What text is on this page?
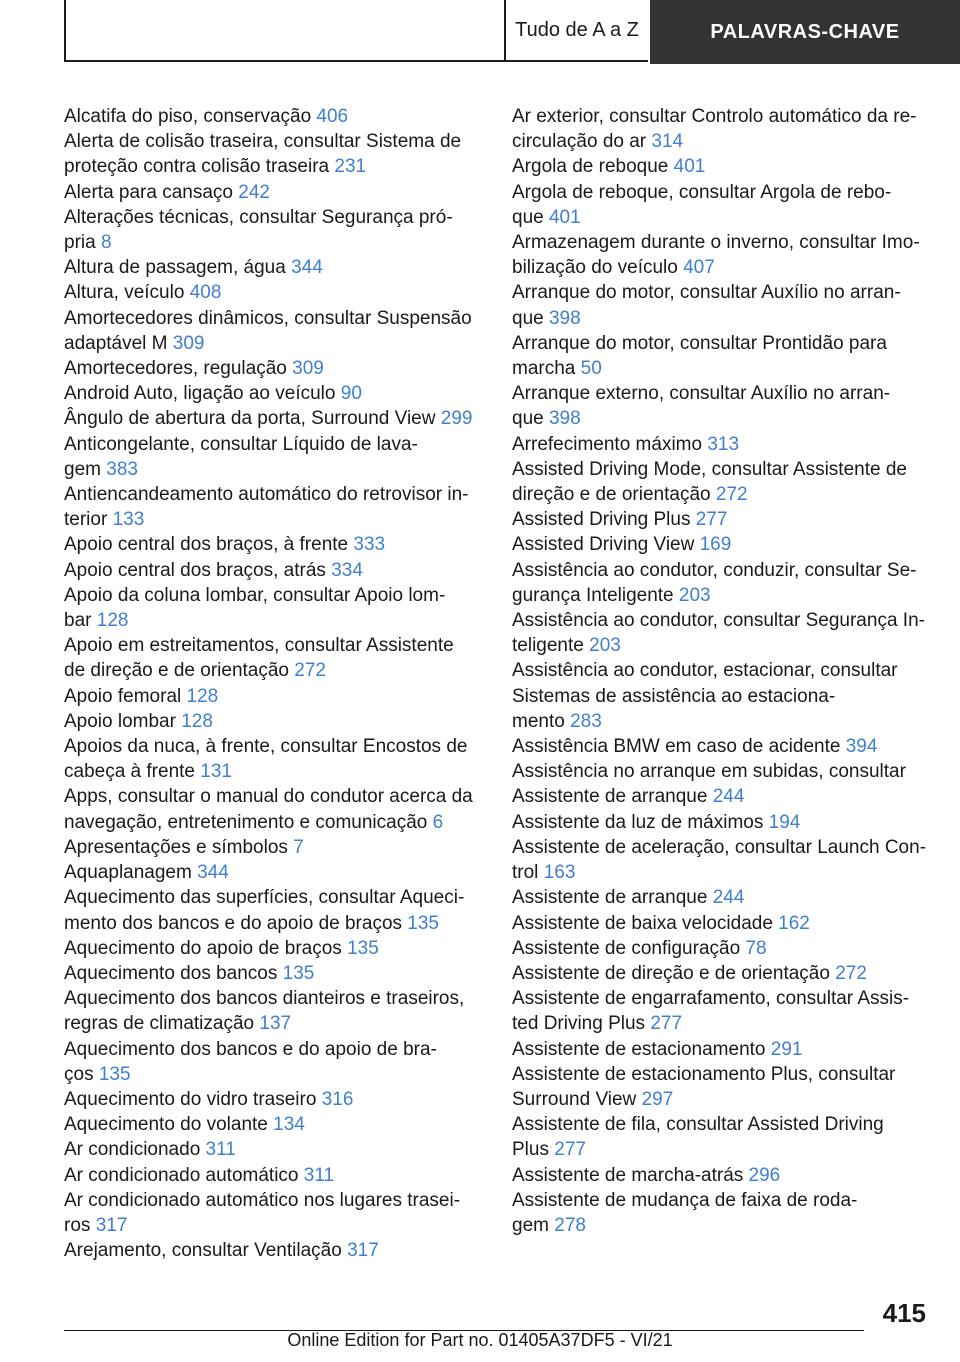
Tudo de A a Z	PALAVRAS-CHAVE
Alcatifa do piso, conservação 406
Alerta de colisão traseira, consultar Sistema de
proteção contra colisão traseira 231
Alerta para cansaço 242
Alterações técnicas, consultar Segurança pró-
pria 8
Altura de passagem, água 344
Altura, veículo 408
Amortecedores dinâmicos, consultar Suspensão
adaptável M 309
Amortecedores, regulação 309
Android Auto, ligação ao veículo 90
Ângulo de abertura da porta, Surround View 299
Anticongelante, consultar Líquido de lava-
gem 383
Antiencandeamento automático do retrovisor in-
terior 133
Apoio central dos braços, à frente 333
Apoio central dos braços, atrás 334
Apoio da coluna lombar, consultar Apoio lom-
bar 128
Apoio em estreitamentos, consultar Assistente
de direção e de orientação 272
Apoio femoral 128
Apoio lombar 128
Apoios da nuca, à frente, consultar Encostos de
cabeça à frente 131
Apps, consultar o manual do condutor acerca da
navegação, entretenimento e comunicação 6
Apresentações e símbolos 7
Aquaplanagem 344
Aquecimento das superfícies, consultar Aqueci-
mento dos bancos e do apoio de braços 135
Aquecimento do apoio de braços 135
Aquecimento dos bancos 135
Aquecimento dos bancos dianteiros e traseiros,
regras de climatização 137
Aquecimento dos bancos e do apoio de bra-
ços 135
Aquecimento do vidro traseiro 316
Aquecimento do volante 134
Ar condicionado 311
Ar condicionado automático 311
Ar condicionado automático nos lugares trasei-
ros 317
Arejamento, consultar Ventilação 317
Ar exterior, consultar Controlo automático da re-
circulação do ar 314
Argola de reboque 401
Argola de reboque, consultar Argola de rebo-
que 401
Armazenagem durante o inverno, consultar Imo-
bilização do veículo 407
Arranque do motor, consultar Auxílio no arran-
que 398
Arranque do motor, consultar Prontidão para
marcha 50
Arranque externo, consultar Auxílio no arran-
que 398
Arrefecimento máximo 313
Assisted Driving Mode, consultar Assistente de
direção e de orientação 272
Assisted Driving Plus 277
Assisted Driving View 169
Assistência ao condutor, conduzir, consultar Se-
gurança Inteligente 203
Assistência ao condutor, consultar Segurança In-
teligente 203
Assistência ao condutor, estacionar, consultar
Sistemas de assistência ao estaciona-
mento 283
Assistência BMW em caso de acidente 394
Assistência no arranque em subidas, consultar
Assistente de arranque 244
Assistente da luz de máximos 194
Assistente de aceleração, consultar Launch Con-
trol 163
Assistente de arranque 244
Assistente de baixa velocidade 162
Assistente de configuração 78
Assistente de direção e de orientação 272
Assistente de engarrafamento, consultar Assis-
ted Driving Plus 277
Assistente de estacionamento 291
Assistente de estacionamento Plus, consultar
Surround View 297
Assistente de fila, consultar Assisted Driving
Plus 277
Assistente de marcha-atrás 296
Assistente de mudança de faixa de roda-
gem 278
415
Online Edition for Part no. 01405A37DF5 - VI/21
